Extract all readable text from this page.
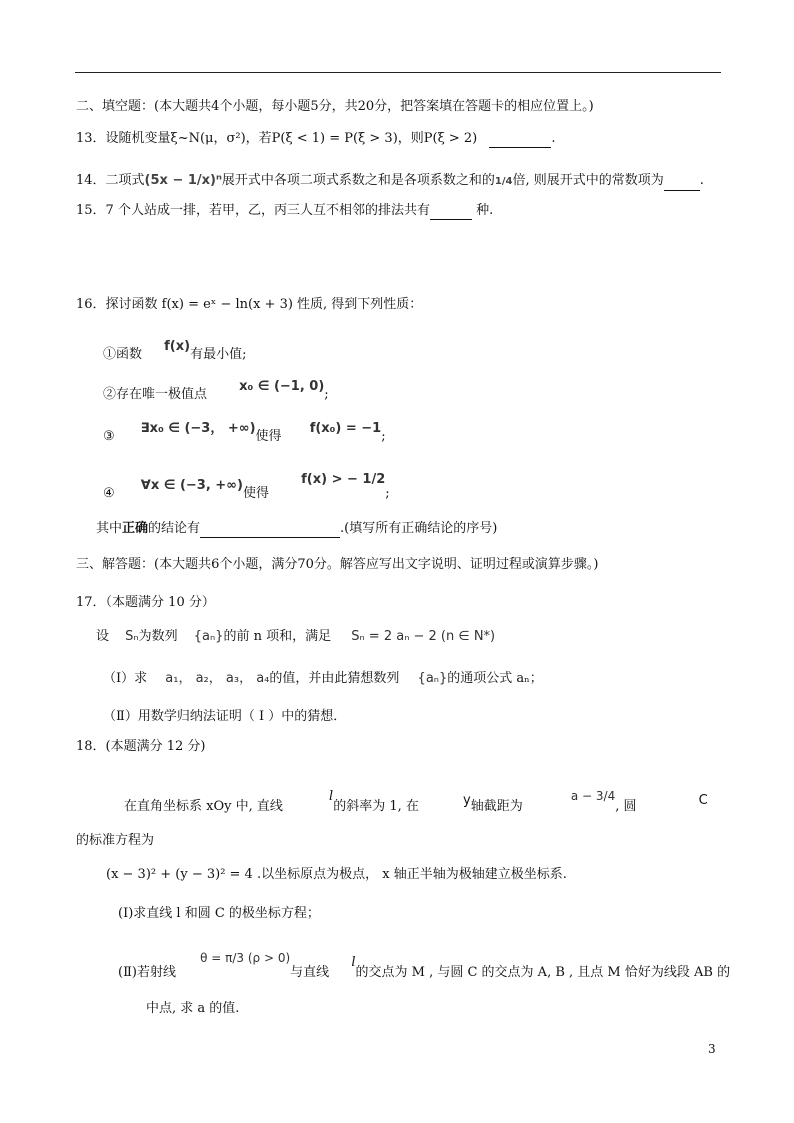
二、填空题：(本大题共4个小题，每小题5分，共20分，把答案填在答题卡的相应位置上。)
13．设随机变量ξ~N(μ，σ²)，若P(ξ < 1) = P(ξ > 3)，则P(ξ > 2)	.
14．二项式(5x − 1/x)ⁿ展开式中各项二项式系数之和是各项系数之和的1/4倍, 则展开式中的常数项为	.
15．7 个人站成一排，若甲，乙，丙三人互不相邻的排法共有	种.
16．探讨函数 f(x) = eˣ − ln(x + 3) 性质, 得到下列性质：
①函数 f(x)有最小值;
②存在唯一极值点 x₀ ∈ (−1, 0);
③ ∃x₀ ∈ (−3， +∞)使得 f(x₀) = −1;
④ ∀x ∈ (−3, +∞)使得 f(x) > − 1/2;
其中正确的结论有	.(填写所有正确结论的序号)
三、解答题：(本大题共6个小题，满分70分。解答应写出文字说明、证明过程或演算步骤。)
17．（本题满分 10 分）
设 Sₙ为数列 {aₙ}的前 n 项和，满足 Sₙ = 2 aₙ − 2 (n ∈ N*)
（Ⅰ）求 a₁， a₂， a₃， a₄的值，并由此猜想数列 {aₙ}的通项公式 aₙ；
（Ⅱ）用数学归纳法证明（ Ⅰ ）中的猜想．
18．(本题满分 12 分)
在直角坐标系 xOy 中, 直线 l的斜率为 1, 在	y轴截距为 a − 3/4, 圆	C
的标准方程为
(x − 3)² + (y − 3)² = 4 .以坐标原点为极点， x 轴正半轴为极轴建立极坐标系.
(Ⅰ)求直线 l 和圆 C 的极坐标方程；
(Ⅱ)若射线 θ = π/3 (ρ > 0)与直线 l的交点为 M , 与圆 C 的交点为 A, B , 且点 M 恰好为线段 AB 的
中点, 求 a 的值.
3
